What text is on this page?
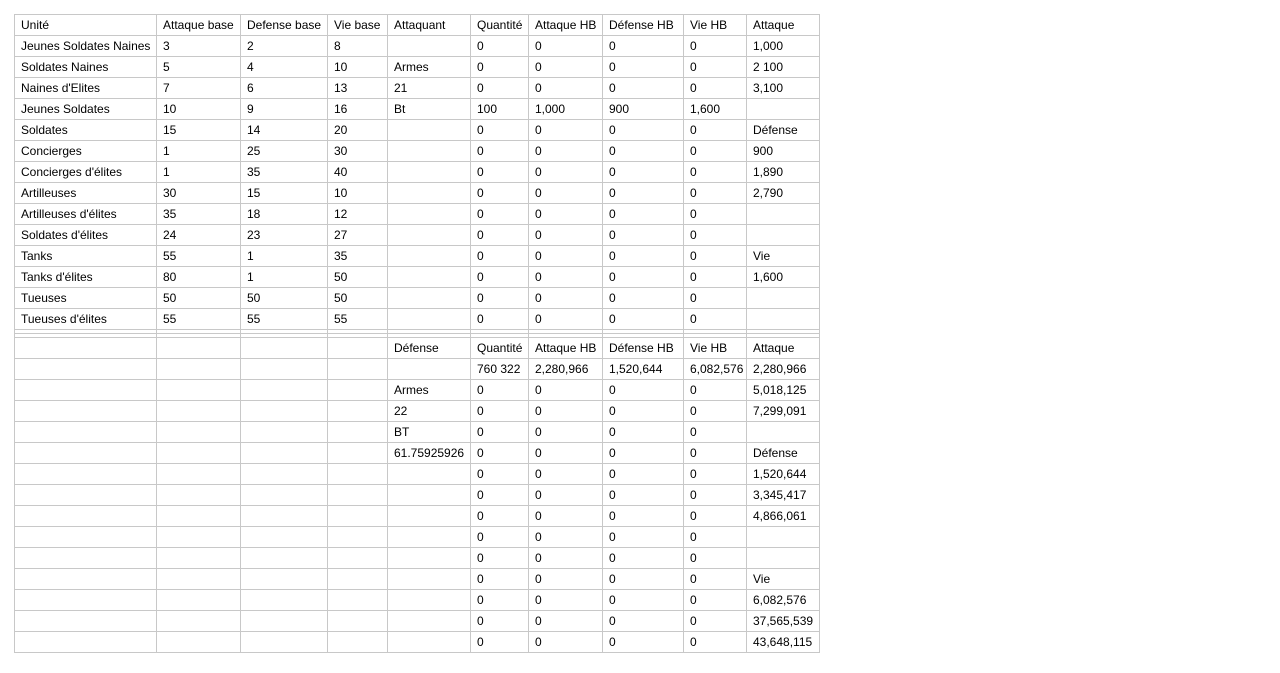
Unité	Attaque base	Defense base	Vie base	Attaquant	Quantité	Attaque HB	Défense HB	Vie HB	Attaque
Jeunes Soldates Naines	3	2	8		0	0	0	0	1,000
Soldates Naines	5	4	10	Armes	0	0	0	0	2 100
Naines d'Elites	7	6	13	21	0	0	0	0	3,100
Jeunes Soldates	10	9	16	Bt	100	1,000	900	1,600	
Soldates	15	14	20		0	0	0	0	Défense
Concierges	1	25	30		0	0	0	0	900
Concierges d'élites	1	35	40		0	0	0	0	1,890
Artilleuses	30	15	10		0	0	0	0	2,790
Artilleuses d'élites	35	18	12		0	0	0	0	
Soldates d'élites	24	23	27		0	0	0	0	
Tanks	55	1	35		0	0	0	0	Vie
Tanks d'élites	80	1	50		0	0	0	0	1,600
Tueuses	50	50	50		0	0	0	0	
Tueuses d'élites	55	55	55		0	0	0	0	

				Défense	Quantité	Attaque HB	Défense HB	Vie HB	Attaque
					760 322	2,280,966	1,520,644	6,082,576	2,280,966
				Armes	0	0	0	0	5,018,125
				22	0	0	0	0	7,299,091
				BT	0	0	0	0	
				61.75925926	0	0	0	0	Défense
					0	0	0	0	1,520,644
					0	0	0	0	3,345,417
					0	0	0	0	4,866,061
					0	0	0	0	
					0	0	0	0	
					0	0	0	0	Vie
					0	0	0	0	6,082,576
					0	0	0	0	37,565,539
					0	0	0	0	43,648,115
